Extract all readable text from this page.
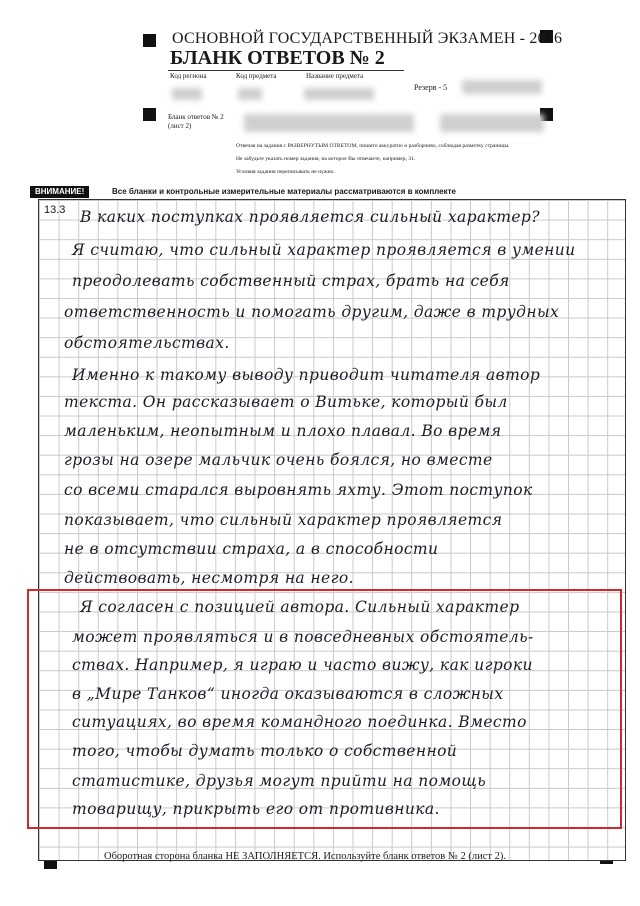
ОСНОВНОЙ ГОСУДАРСТВЕННЫЙ ЭКЗАМЕН - 2026
БЛАНК ОТВЕТОВ № 2
Код региона	Код предмета	Название предмета
Резерв - 5
Бланк ответов № 2 (лист 2)
Отвечая на задания с РАЗВЕРНУТЫМ ОТВЕТОМ, пишите аккуратно и разборчиво, соблюдая разметку страницы.
Не забудьте указать номер задания, на которое Вы отвечаете, например, 31.
Условия задания переписывать не нужно.
ВНИМАНИЕ!	Все бланки и контрольные измерительные материалы рассматриваются в комплекте
13.3 В каких поступках проявляется сильный характер?
Я считаю, что сильный характер проявляется в умении
преодолевать собственный страх, брать на себя
ответственность и помогать другим, даже в трудных
обстоятельствах.
Именно к такому выводу приводит читателя автор
текста. Он рассказывает о Витьке, который был
маленьким, неопытным и плохо плавал. Во время
грозы на озере мальчик очень боялся, но вместе
со всеми старался выровнять яхту. Этот поступок
показывает, что сильный характер проявляется
не в отсутствии страха, а в способности
действовать, несмотря на него.
Я согласен с позицией автора. Сильный характер
может проявляться и в повседневных обстоятель-
ствах. Например, я играю и часто вижу, как игроки
в „Мире Танков“ иногда оказываются в сложных
ситуациях, во время командного поединка. Вместо
того, чтобы думать только о собственной
статистике, друзья могут прийти на помощь
товарищу, прикрыть его от противника.
Оборотная сторона бланка НЕ ЗАПОЛНЯЕТСЯ. Используйте бланк ответов № 2 (лист 2).
